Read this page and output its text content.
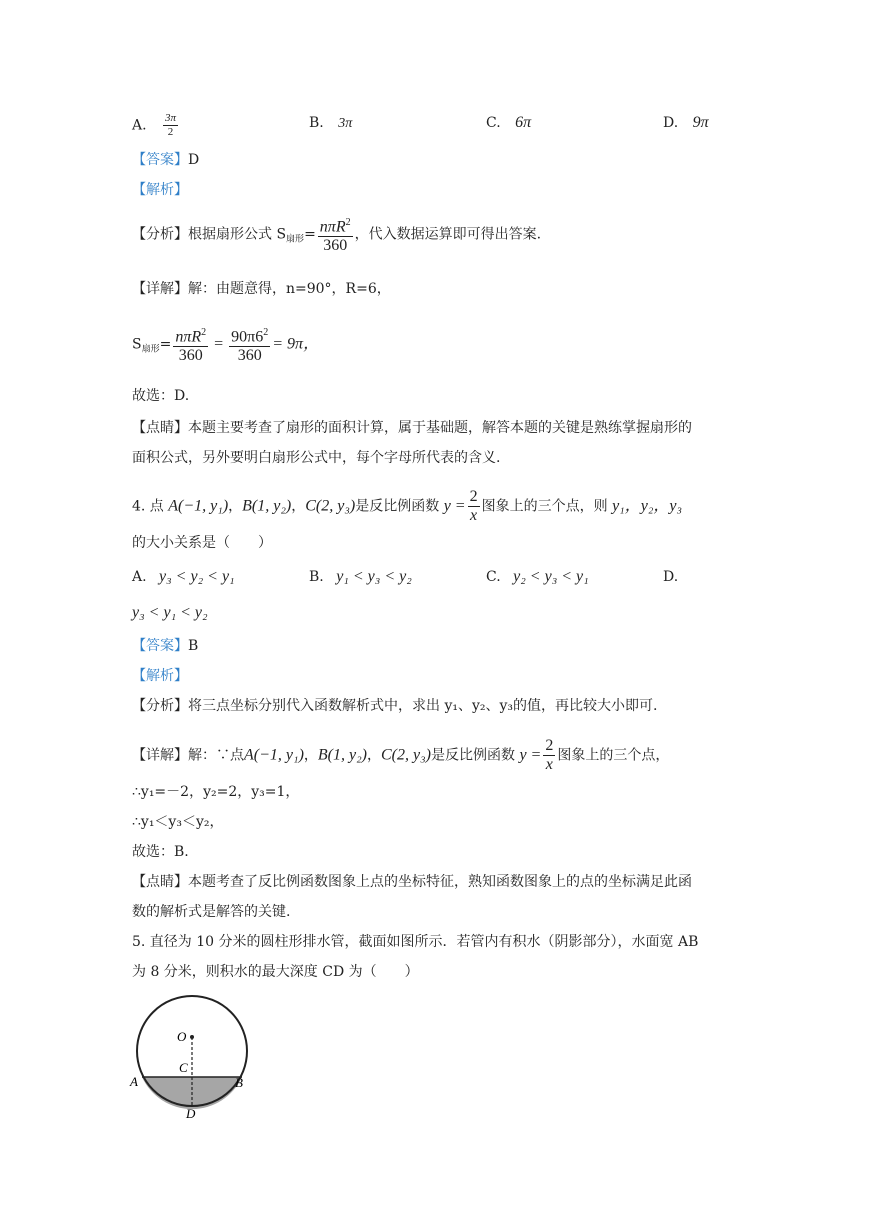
A. $\frac{3\pi}{2}$	B. 3π	C. 6π	D. 9π
【答案】D
【解析】
【分析】根据扇形公式 $S_{扇形}= \frac{n\pi R^2}{360}$ ，代入数据运算即可得出答案.
【详解】解：由题意得，n=90°，R=6，
$S_{扇形}= \frac{n\pi R^2}{360} = \frac{90\pi 6^2}{360} = 9\pi$，
故选：D.
【点睛】本题主要考查了扇形的面积计算，属于基础题，解答本题的关键是熟练掌握扇形的
面积公式，另外要明白扇形公式中，每个字母所代表的含义.
4. 点 A(−1, y₁)，B(1, y₂)，C(2, y₃)是反比例函数 $y = \frac{2}{x}$ 图象上的三个点，则 y₁，y₂，y₃
的大小关系是（　　）
A. y₃ < y₂ < y₁	B. y₁ < y₃ < y₂	C. y₂ < y₃ < y₁	D.
y₃ < y₁ < y₂
【答案】B
【解析】
【分析】将三点坐标分别代入函数解析式中，求出 y₁、y₂、y₃的值，再比较大小即可.
【详解】解：∵点A(−1, y₁)，B(1, y₂)，C(2, y₃)是反比例函数 $y = \frac{2}{x}$ 图象上的三个点，
∴y₁=－2，y₂=2，y₃=1，
∴y₁＜y₃＜y₂，
故选：B.
【点睛】本题考查了反比例函数图象上点的坐标特征，熟知函数图象上的点的坐标满足此函
数的解析式是解答的关键.
5. 直径为 10 分米的圆柱形排水管，截面如图所示．若管内有积水（阴影部分），水面宽 AB
为 8 分米，则积水的最大深度 CD 为（　　）
O
C
A	B
D
